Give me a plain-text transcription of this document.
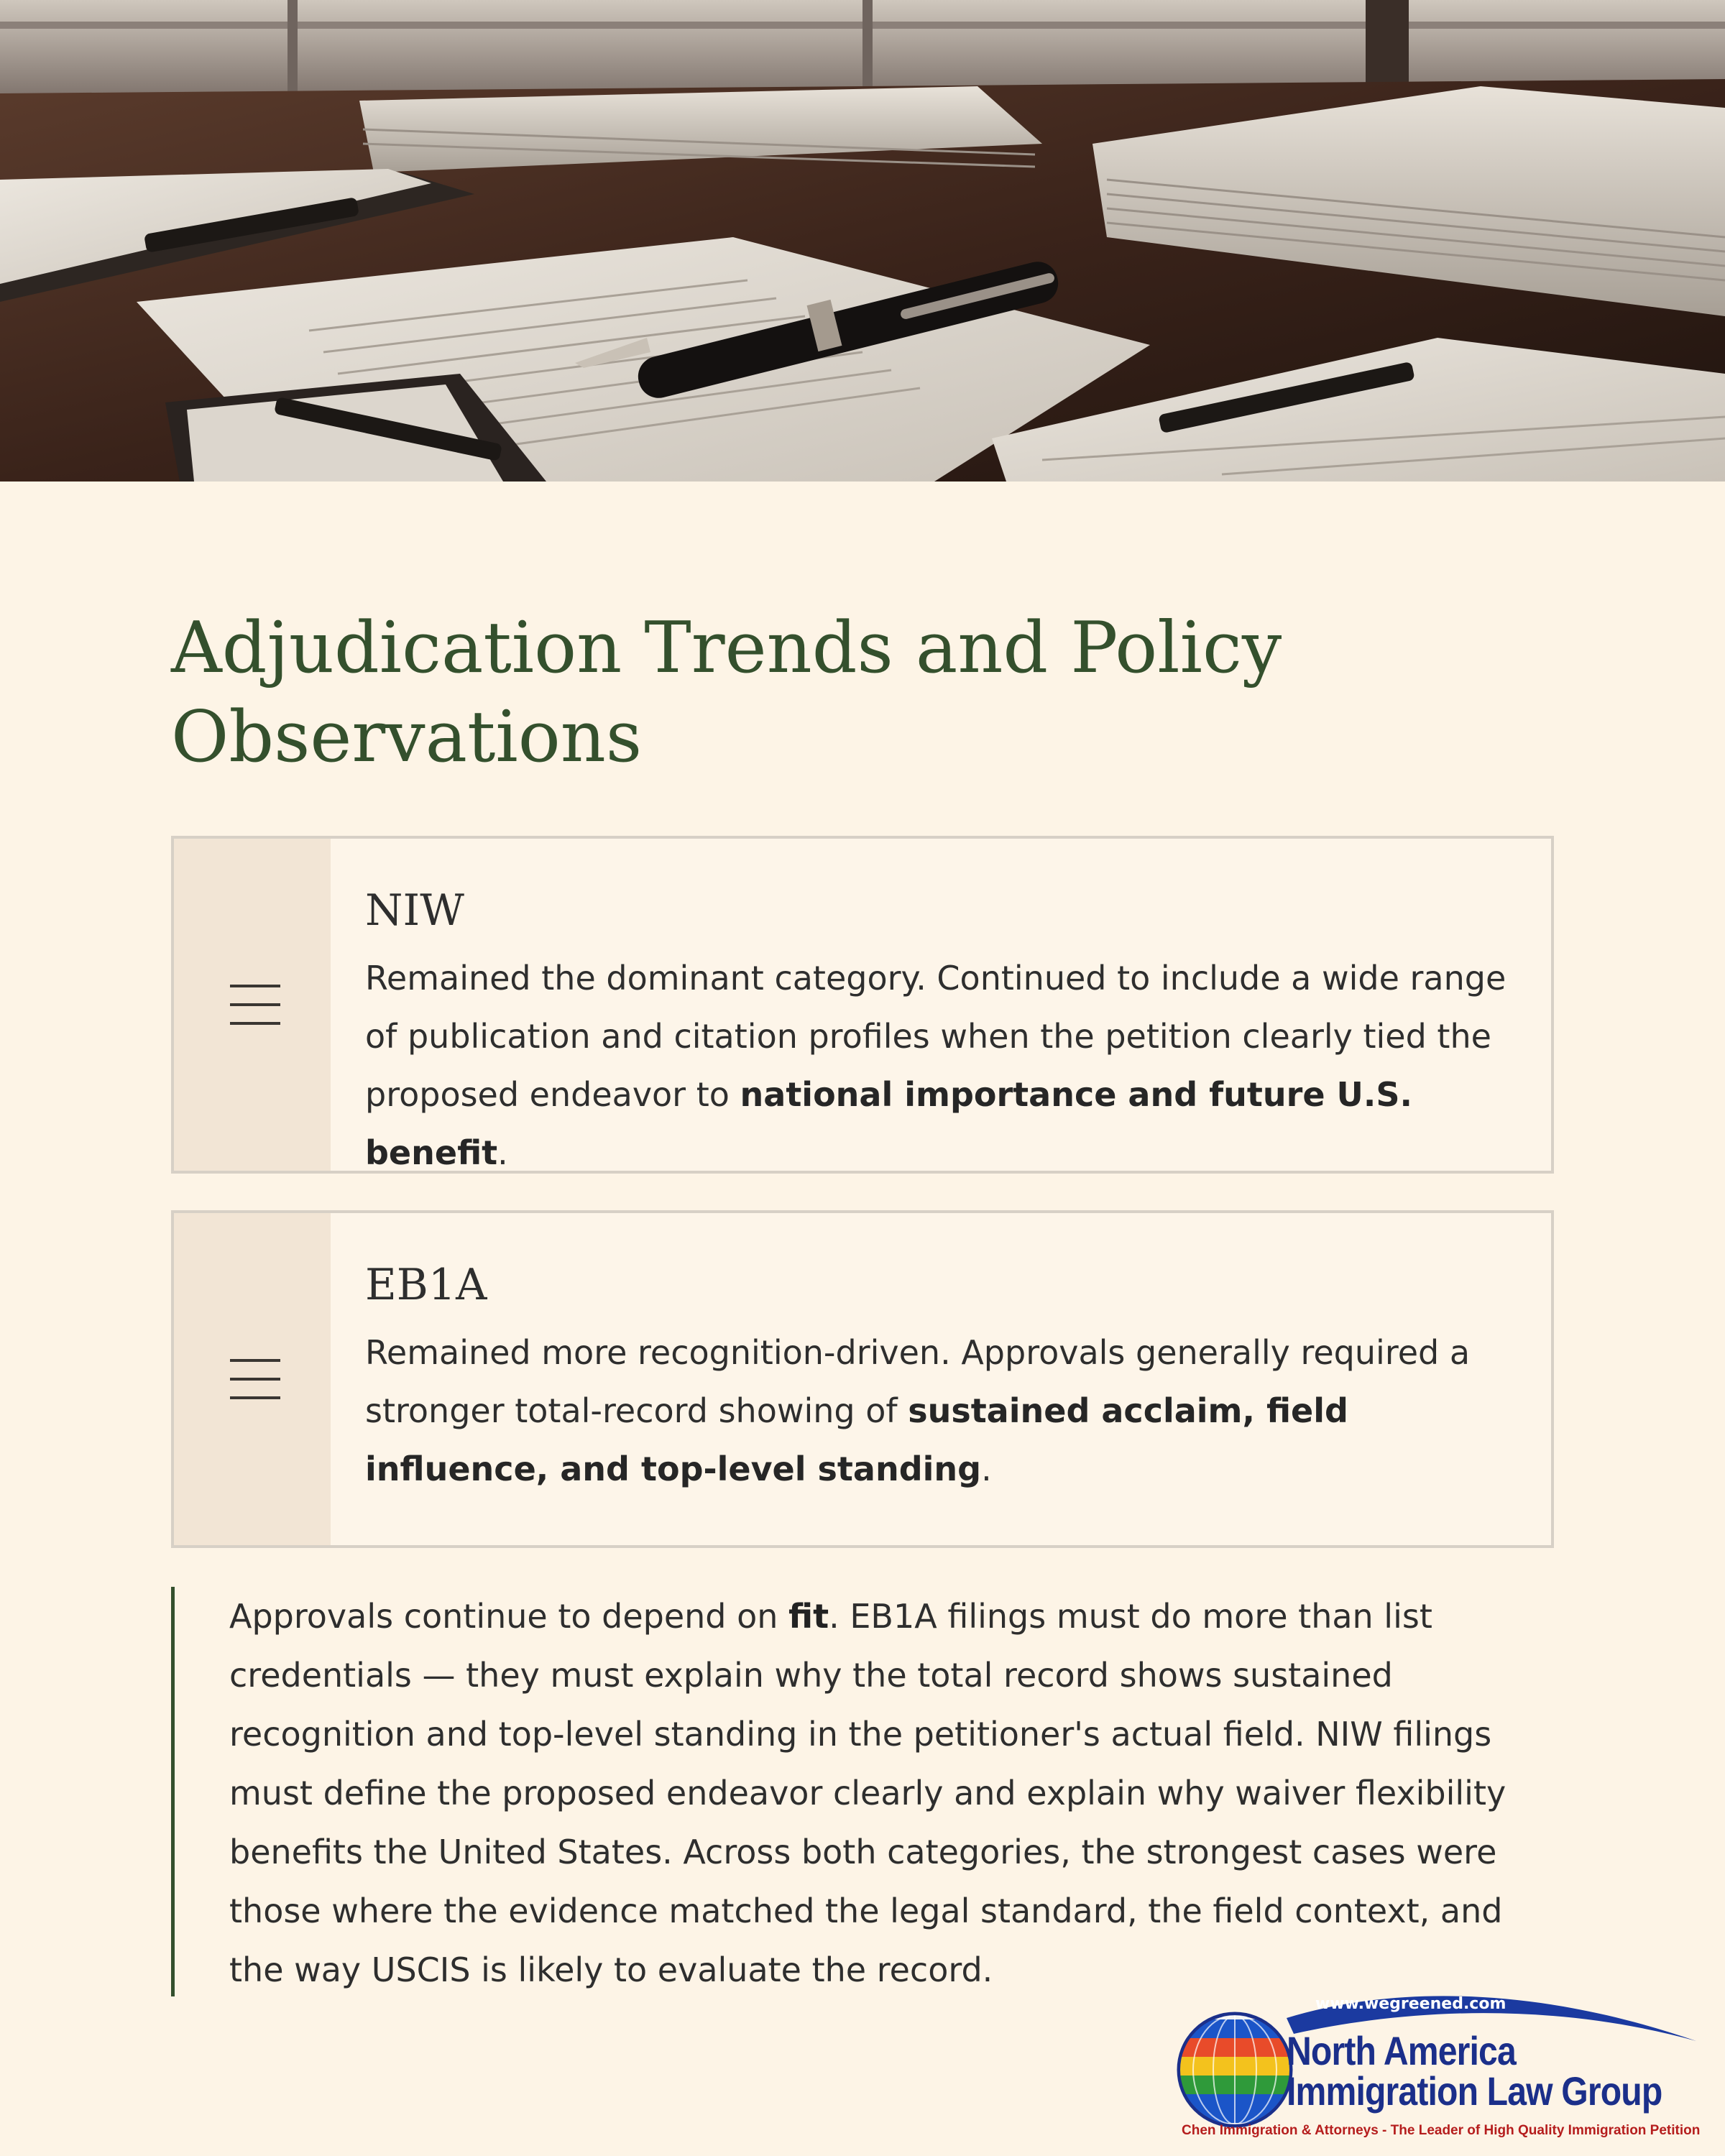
Adjudication Trends and Policy Observations
NIW

Remained the dominant category. Continued to include a wide range of publication and citation profiles when the petition clearly tied the proposed endeavor to national importance and future U.S. benefit.

EB1A

Remained more recognition-driven. Approvals generally required a stronger total-record showing of sustained acclaim, field influence, and top-level standing.

Approvals continue to depend on fit. EB1A filings must do more than list credentials — they must explain why the total record shows sustained recognition and top-level standing in the petitioner's actual field. NIW filings must define the proposed endeavor clearly and explain why waiver flexibility benefits the United States. Across both categories, the strongest cases were those where the evidence matched the legal standard, the field context, and the way USCIS is likely to evaluate the record.

www.wegreened.com
North America
Immigration Law Group
Chen Immigration & Attorneys - The Leader of High Quality Immigration Petition
